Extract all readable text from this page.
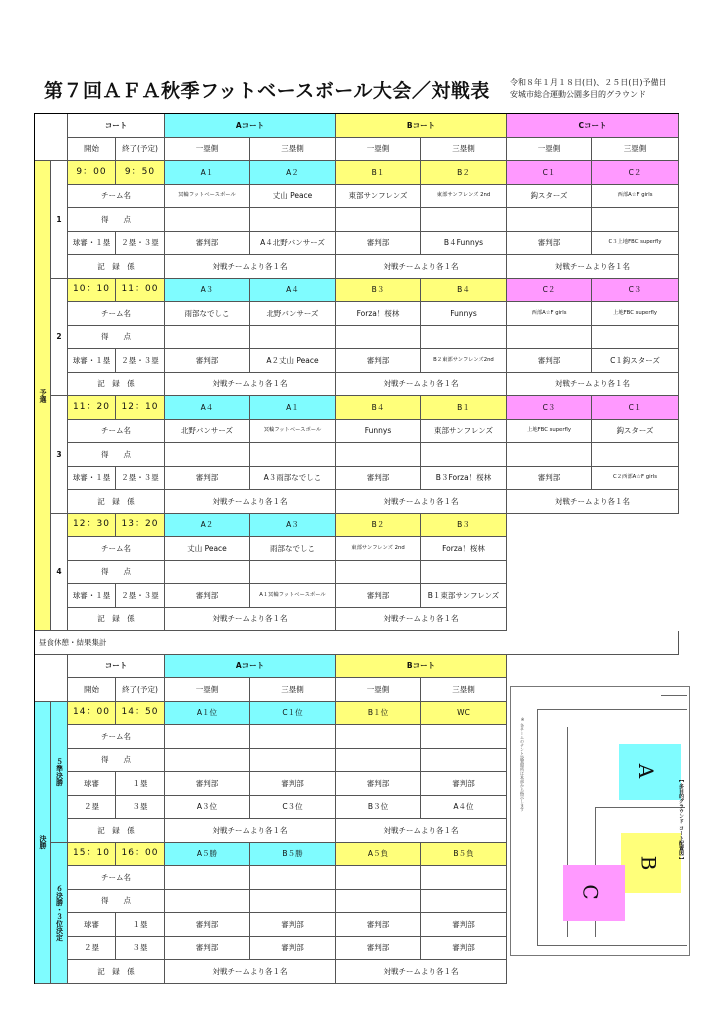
第７回ＡＦＡ秋季フットベースボール大会／対戦表	令和８年１月１８日(日)、２５日(日)予備日
安城市総合運動公園多目的グラウンド
コート	Aコート	Bコート	Cコート
開始	終了(予定)	一塁側	三塁側	一塁側	三塁側	一塁側	三塁側
1
9：00	9：50	A１	A２	B１	B２	C１	C２
チーム名	冥輪フットベースボール	丈山 Peace	東部サンフレンズ	東部サンフレンズ 2nd	鈎スターズ	西部A☆F girls
得　　点
球審・１塁	２塁・３塁	審判部	A４北野バンサーズ	審判部	B４Funnys	審判部	C３上地FBC superfly
記　録　係	対戦チームより各１名	対戦チームより各１名	対戦チームより各１名
2
10：10	11：00	A３	A４	B３	B４	C２	C３
チーム名	雨部なでしこ	北野バンサーズ	Forza！桜林	Funnys	西部A☆F girls	上地FBC superfly
得　　点
球審・１塁	２塁・３塁	審判部	A２丈山 Peace	審判部	B２東部サンフレンズ2nd	審判部	C１鈎スターズ
記　録　係	対戦チームより各１名	対戦チームより各１名	対戦チームより各１名
3
11：20	12：10	A４	A１	B４	B１	C３	C１
チーム名	北野バンサーズ	冥輪フットベースボール	Funnys	東部サンフレンズ	上地FBC superfly	鈎スターズ
得　　点
球審・１塁	２塁・３塁	審判部	A３雨部なでしこ	審判部	B３Forza！桜林	審判部	C２西部A☆F girls
記　録　係	対戦チームより各１名	対戦チームより各１名	対戦チームより各１名
4
12：30	13：20	A２	A３	B２	B３
チーム名	丈山 Peace	雨部なでしこ	東部サンフレンズ 2nd	Forza！桜林
得　　点
球審・１塁	２塁・３塁	審判部	A１冥輪フットベースボール	審判部	B１東部サンフレンズ
記　録　係	対戦チームより各１名	対戦チームより各１名
予選
昼食休憩・結果集計
コート	Aコート	Bコート
開始	終了(予定)	一塁側	三塁側	一塁側	三塁側
５準決勝
14：00	14：50	A１位	C１位	B１位	WC
チーム名
得　　点
球審	１塁	審判部	審判部	審判部	審判部
２塁	３塁	A３位	C３位	B３位	A４位
記　録　係	対戦チームより各１名	対戦チームより各１名
６決勝・３位決定
15：10	16：00	A５勝	B５勝	A５負	B５負
チーム名
得　　点
球審	１塁	審判部	審判部	審判部	審判部
２塁	３塁	審判部	審判部	審判部	審判部
記　録　係	対戦チームより各１名	対戦チームより各１名
決勝
A
B
C
※ 各チームのテント設置場所は本部から指示します
【 多目的グラウンド コート配置図 】
